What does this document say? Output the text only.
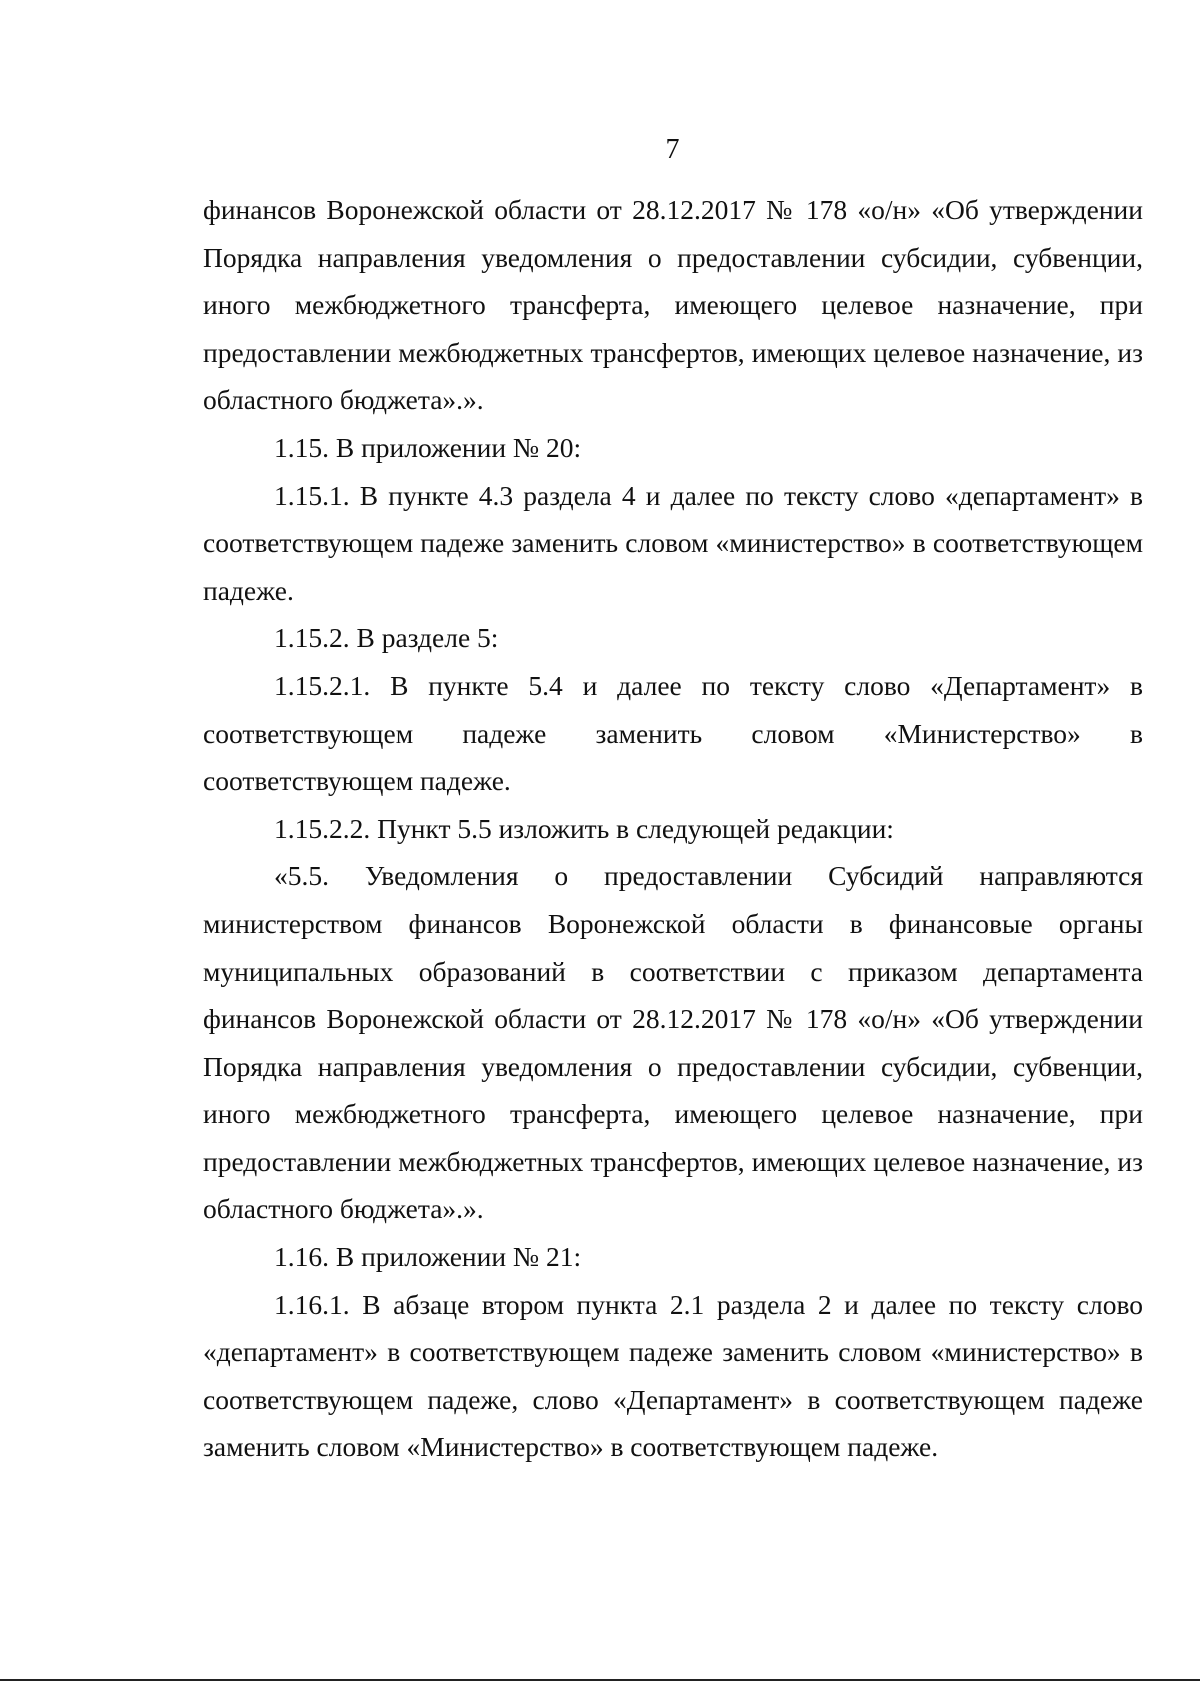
7

финансов Воронежской области от 28.12.2017 № 178 «о/н» «Об утверждении Порядка направления уведомления о предоставлении субсидии, субвенции, иного межбюджетного трансферта, имеющего целевое назначение, при предоставлении межбюджетных трансфертов, имеющих целевое назначение, из областного бюджета».».

1.15. В приложении № 20:

1.15.1. В пункте 4.3 раздела 4 и далее по тексту слово «департамент» в соответствующем падеже заменить словом «министерство» в соответствующем падеже.

1.15.2. В разделе 5:

1.15.2.1. В пункте 5.4 и далее по тексту слово «Департамент» в соответствующем падеже заменить словом «Министерство» в соответствующем падеже.

1.15.2.2. Пункт 5.5 изложить в следующей редакции:

«5.5. Уведомления о предоставлении Субсидий направляются министерством финансов Воронежской области в финансовые органы муниципальных образований в соответствии с приказом департамента финансов Воронежской области от 28.12.2017 № 178 «о/н» «Об утверждении Порядка направления уведомления о предоставлении субсидии, субвенции, иного межбюджетного трансферта, имеющего целевое назначение, при предоставлении межбюджетных трансфертов, имеющих целевое назначение, из областного бюджета».».

1.16. В приложении № 21:

1.16.1. В абзаце втором пункта 2.1 раздела 2 и далее по тексту слово «департамент» в соответствующем падеже заменить словом «министерство» в соответствующем падеже, слово «Департамент» в соответствующем падеже заменить словом «Министерство» в соответствующем падеже.
